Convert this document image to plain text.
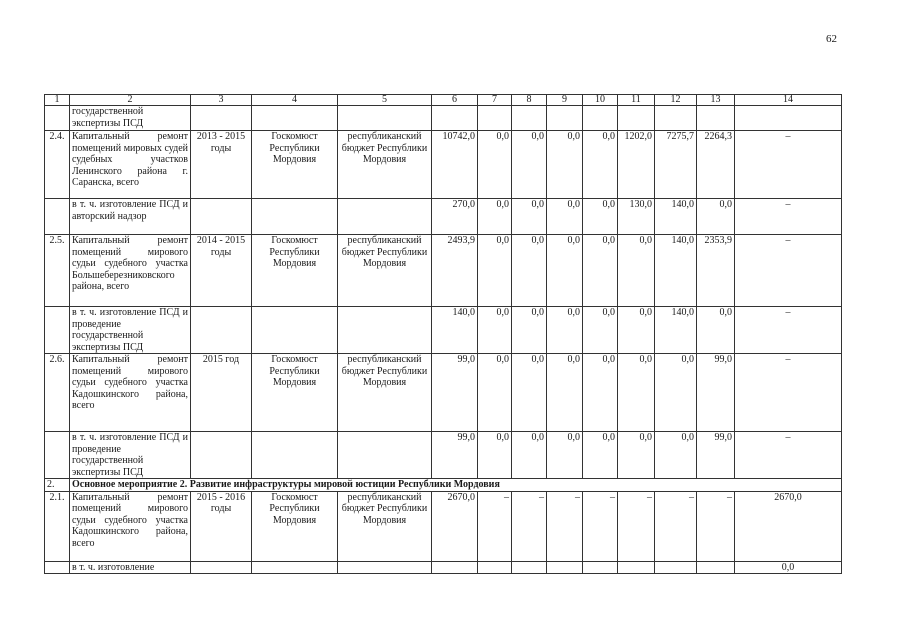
62
1	2	3	4	5	6	7	8	9	10	11	12	13	14
	государственной экспертизы ПСД												
2.4.	Капитальный ремонт помещений мировых судей судебных участков Ленинского района г. Саранска, всего	2013 - 2015 годы	Госкомюст Республики Мордовия	республиканский бюджет Республики Мордовия	10742,0	0,0	0,0	0,0	0,0	1202,0	7275,7	2264,3	–
	в т. ч. изготовление ПСД и авторский надзор				270,0	0,0	0,0	0,0	0,0	130,0	140,0	0,0	–
2.5.	Капитальный ремонт помещений мирового судьи судебного участка Большеберезниковского района, всего	2014 - 2015 годы	Госкомюст Республики Мордовия	республиканский бюджет Республики Мордовия	2493,9	0,0	0,0	0,0	0,0	0,0	140,0	2353,9	–
	в т. ч. изготовление ПСД и проведение государственной экспертизы ПСД				140,0	0,0	0,0	0,0	0,0	0,0	140,0	0,0	–
2.6.	Капитальный ремонт помещений мирового судьи судебного участка Кадошкинского района, всего	2015 год	Госкомюст Республики Мордовия	республиканский бюджет Республики Мордовия	99,0	0,0	0,0	0,0	0,0	0,0	0,0	99,0	–
	в т. ч. изготовление ПСД и проведение государственной экспертизы ПСД				99,0	0,0	0,0	0,0	0,0	0,0	0,0	99,0	–
2.	Основное мероприятие 2. Развитие инфраструктуры мировой юстиции Республики Мордовия												
2.1.	Капитальный ремонт помещений мирового судьи судебного участка Кадошкинского района, всего	2015 - 2016 годы	Госкомюст Республики Мордовия	республиканский бюджет Республики Мордовия	2670,0	–	–	–	–	–	–	–	2670,0
	в т. ч. изготовление												0,0
